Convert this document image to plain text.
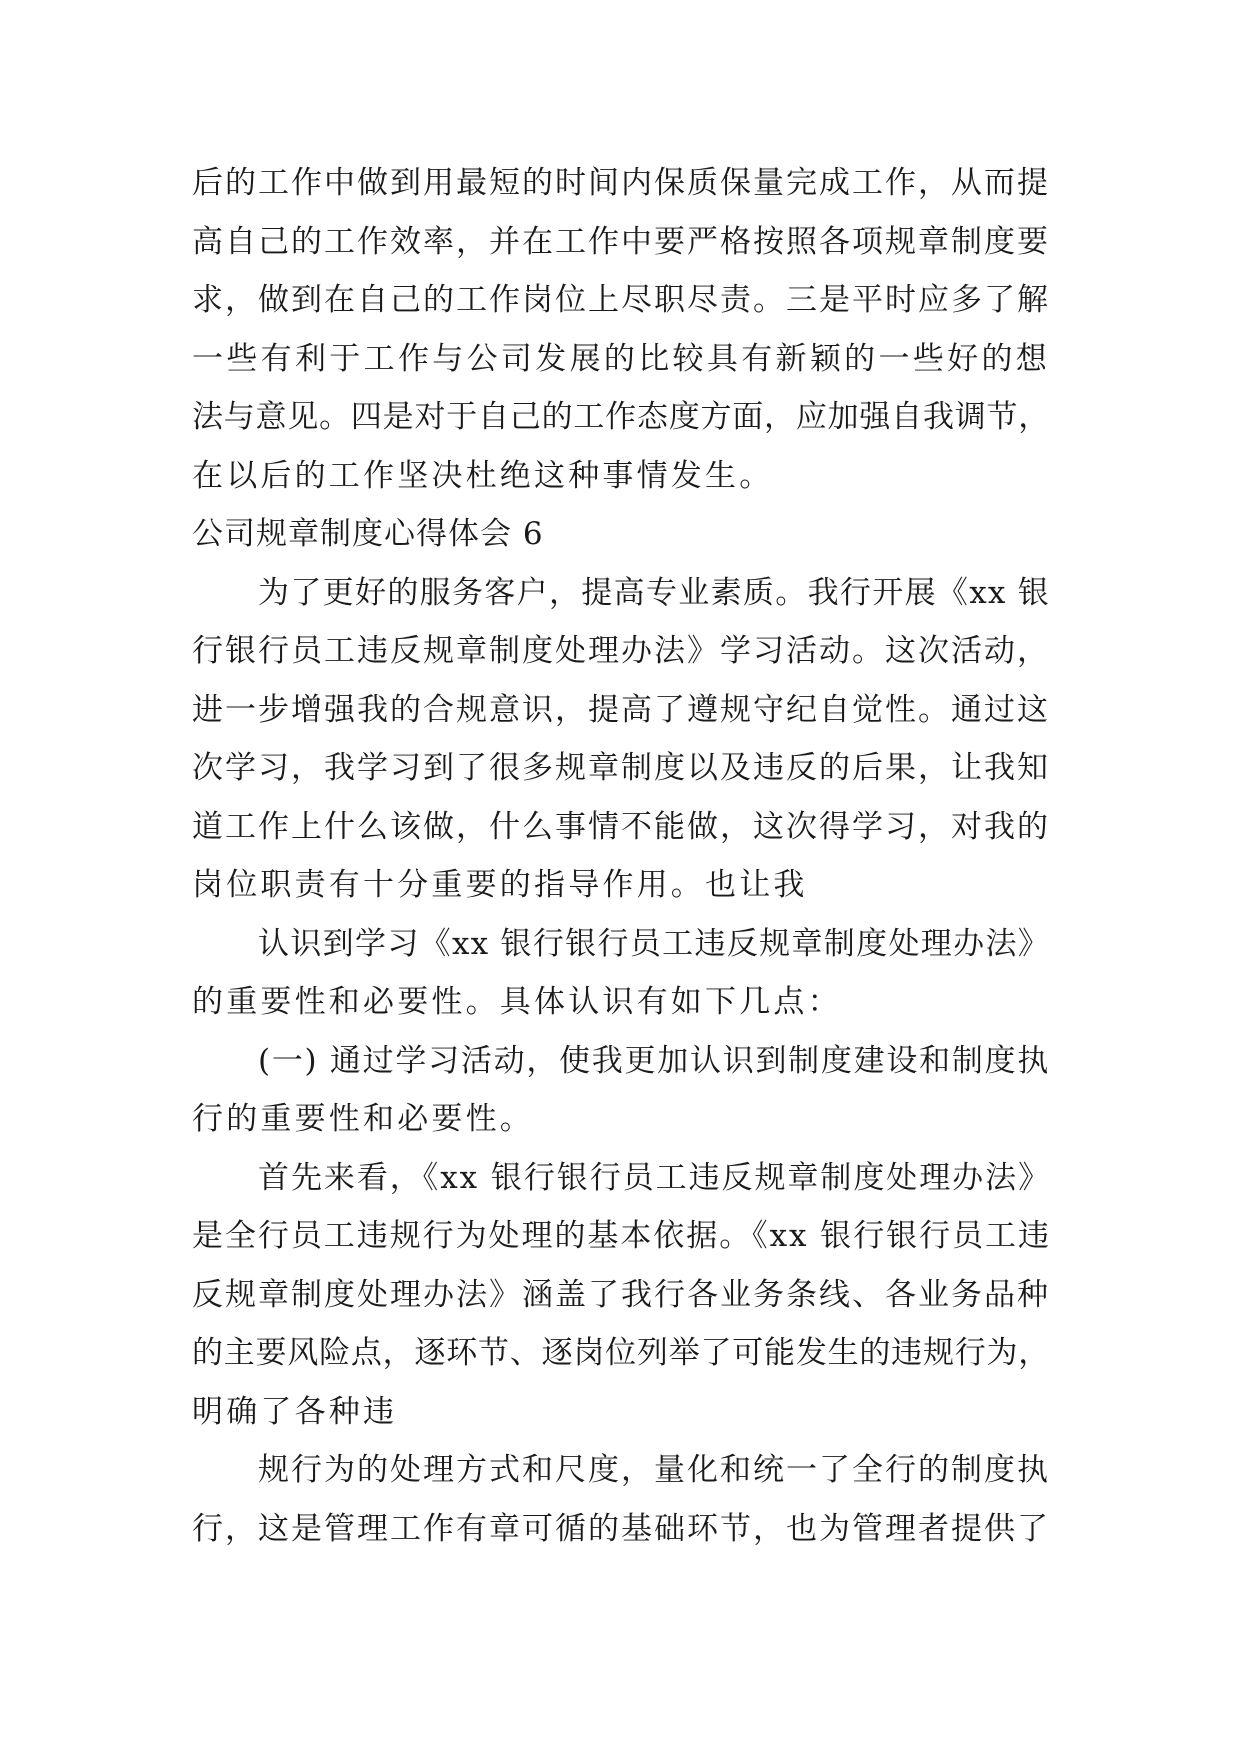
后的工作中做到用最短的时间内保质保量完成工作，从而提
高自己的工作效率，并在工作中要严格按照各项规章制度要
求，做到在自己的工作岗位上尽职尽责。三是平时应多了解
一些有利于工作与公司发展的比较具有新颖的一些好的想
法与意见。四是对于自己的工作态度方面，应加强自我调节，
在以后的工作坚决杜绝这种事情发生。
公司规章制度心得体会 6
为了更好的服务客户，提高专业素质。我行开展《xx 银
行银行员工违反规章制度处理办法》学习活动。这次活动，
进一步增强我的合规意识，提高了遵规守纪自觉性。通过这
次学习，我学习到了很多规章制度以及违反的后果，让我知
道工作上什么该做，什么事情不能做，这次得学习，对我的
岗位职责有十分重要的指导作用。也让我
认识到学习《xx 银行银行员工违反规章制度处理办法》
的重要性和必要性。具体认识有如下几点：
(一) 通过学习活动，使我更加认识到制度建设和制度执
行的重要性和必要性。
首先来看，《xx 银行银行员工违反规章制度处理办法》
是全行员工违规行为处理的基本依据。《xx 银行银行员工违
反规章制度处理办法》涵盖了我行各业务条线、各业务品种
的主要风险点，逐环节、逐岗位列举了可能发生的违规行为，
明确了各种违
规行为的处理方式和尺度，量化和统一了全行的制度执
行，这是管理工作有章可循的基础环节，也为管理者提供了
